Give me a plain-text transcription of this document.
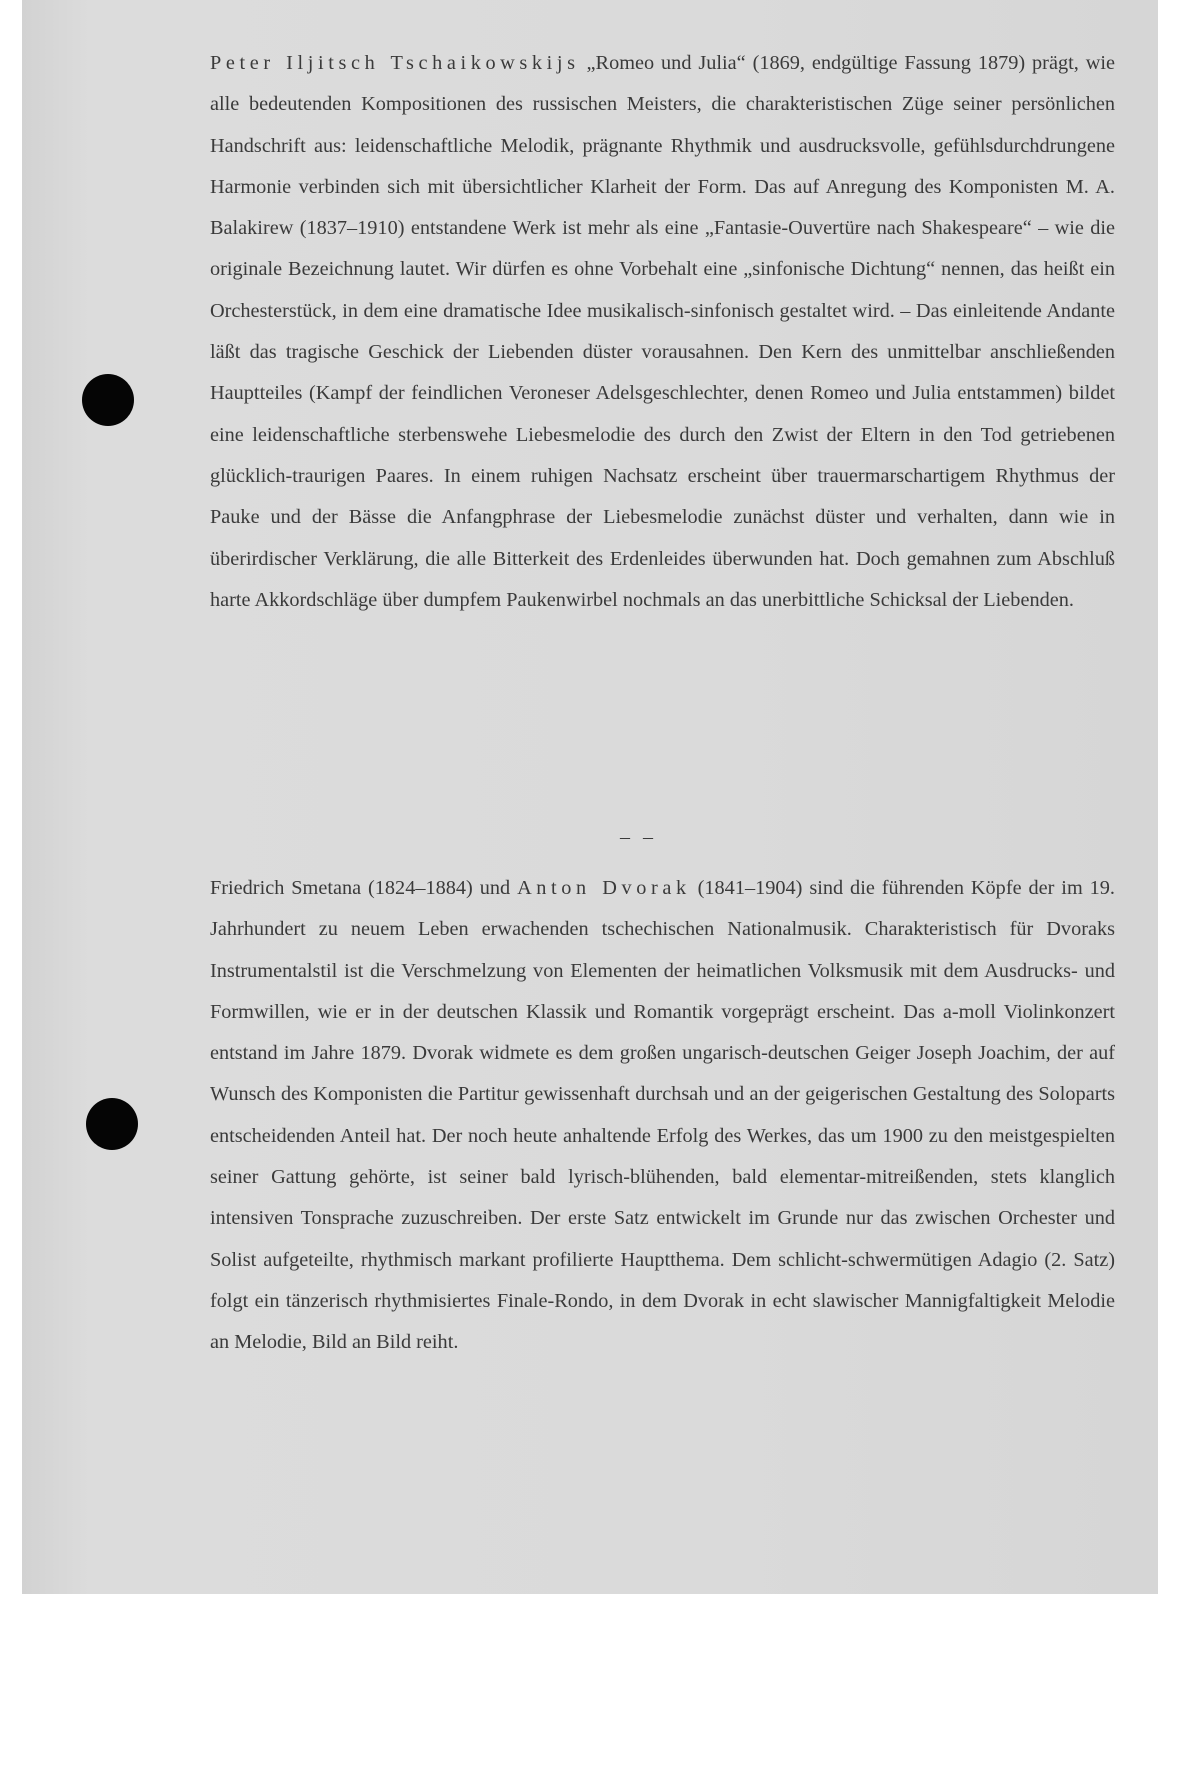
Peter Iljitsch Tschaikowskijs „Romeo und Julia“ (1869, endgültige Fassung 1879) prägt, wie alle bedeutenden Kompositionen des russischen Meisters, die charakteristischen Züge seiner persönlichen Handschrift aus: leidenschaftliche Melodik, prägnante Rhythmik und ausdrucksvolle, gefühlsdurchdrungene Harmonie verbinden sich mit übersichtlicher Klarheit der Form. Das auf Anregung des Komponisten M. A. Balakirew (1837–1910) entstandene Werk ist mehr als eine „Fantasie-Ouvertüre nach Shakespeare“ – wie die originale Bezeichnung lautet. Wir dürfen es ohne Vorbehalt eine „sinfonische Dichtung“ nennen, das heißt ein Orchesterstück, in dem eine dramatische Idee musikalisch-sinfonisch gestaltet wird. – Das einleitende Andante läßt das tragische Geschick der Liebenden düster vorausahnen. Den Kern des unmittelbar anschließenden Hauptteiles (Kampf der feindlichen Veroneser Adelsgeschlechter, denen Romeo und Julia entstammen) bildet eine leidenschaftliche sterbenswehe Liebesmelodie des durch den Zwist der Eltern in den Tod getriebenen glücklich-traurigen Paares. In einem ruhigen Nachsatz erscheint über trauermarschartigem Rhythmus der Pauke und der Bässe die Anfangphrase der Liebesmelodie zunächst düster und verhalten, dann wie in überirdischer Verklärung, die alle Bitterkeit des Erdenleides überwunden hat. Doch gemahnen zum Abschluß harte Akkordschläge über dumpfem Paukenwirbel nochmals an das unerbittliche Schicksal der Liebenden.

– –

Friedrich Smetana (1824–1884) und Anton Dvorak (1841–1904) sind die führenden Köpfe der im 19. Jahrhundert zu neuem Leben erwachenden tschechischen Nationalmusik. Charakteristisch für Dvoraks Instrumentalstil ist die Verschmelzung von Elementen der heimatlichen Volksmusik mit dem Ausdrucks- und Formwillen, wie er in der deutschen Klassik und Romantik vorgeprägt erscheint. Das a-moll Violinkonzert entstand im Jahre 1879. Dvorak widmete es dem großen ungarisch-deutschen Geiger Joseph Joachim, der auf Wunsch des Komponisten die Partitur gewissenhaft durchsah und an der geigerischen Gestaltung des Soloparts entscheidenden Anteil hat. Der noch heute anhaltende Erfolg des Werkes, das um 1900 zu den meistgespielten seiner Gattung gehörte, ist seiner bald lyrisch-blühenden, bald elementar-mitreißenden, stets klanglich intensiven Tonsprache zuzuschreiben. Der erste Satz entwickelt im Grunde nur das zwischen Orchester und Solist aufgeteilte, rhythmisch markant profilierte Hauptthema. Dem schlicht-schwermütigen Adagio (2. Satz) folgt ein tänzerisch rhythmisiertes Finale-Rondo, in dem Dvorak in echt slawischer Mannigfaltigkeit Melodie an Melodie, Bild an Bild reiht.
